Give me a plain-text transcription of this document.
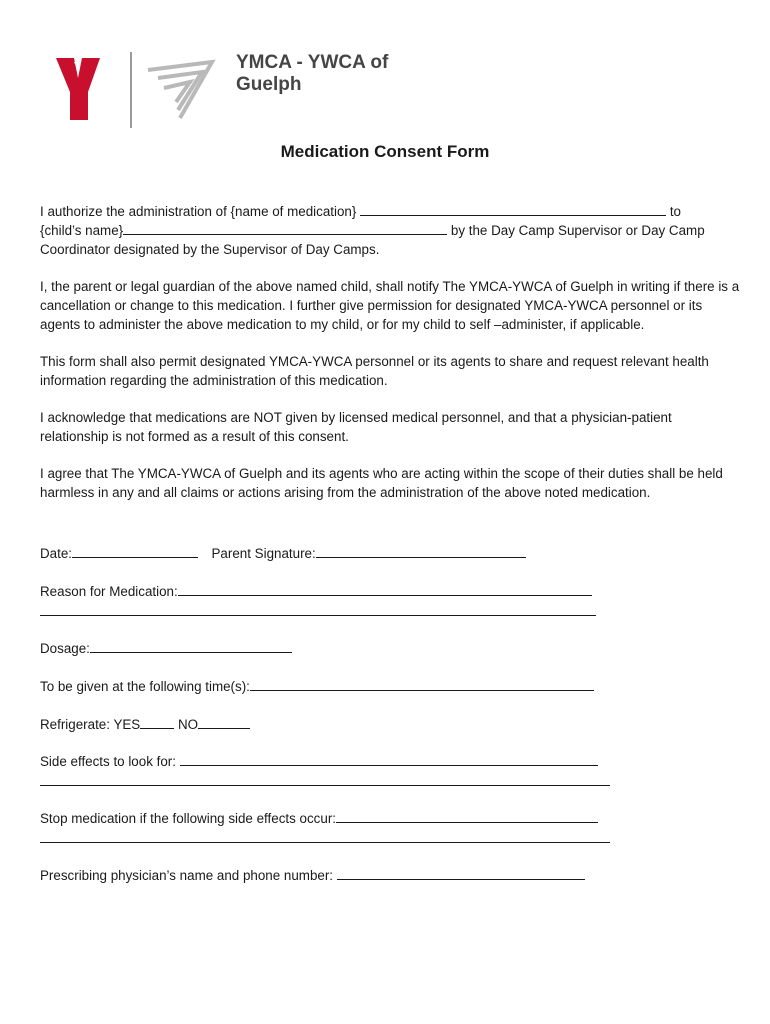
YMCA - YWCA of
Guelph
Medication Consent Form

I authorize the administration of {name of medication}	to
{child’s name}	by the Day Camp Supervisor or Day Camp
Coordinator designated by the Supervisor of Day Camps.

I, the parent or legal guardian of the above named child, shall notify The YMCA-YWCA of Guelph in writing if there is a cancellation or change to this medication. I further give permission for designated YMCA-YWCA personnel or its agents to administer the above medication to my child, or for my child to self –administer, if applicable.

This form shall also permit designated YMCA-YWCA personnel or its agents to share and request relevant health information regarding the administration of this medication.

I acknowledge that medications are NOT given by licensed medical personnel, and that a physician-patient relationship is not formed as a result of this consent.

I agree that The YMCA-YWCA of Guelph and its agents who are acting within the scope of their duties shall be held harmless in any and all claims or actions arising from the administration of the above noted medication.

Date:	Parent Signature:
Reason for Medication:
Dosage:
To be given at the following time(s):
Refrigerate: YES	NO
Side effects to look for:
Stop medication if the following side effects occur:
Prescribing physician’s name and phone number:
